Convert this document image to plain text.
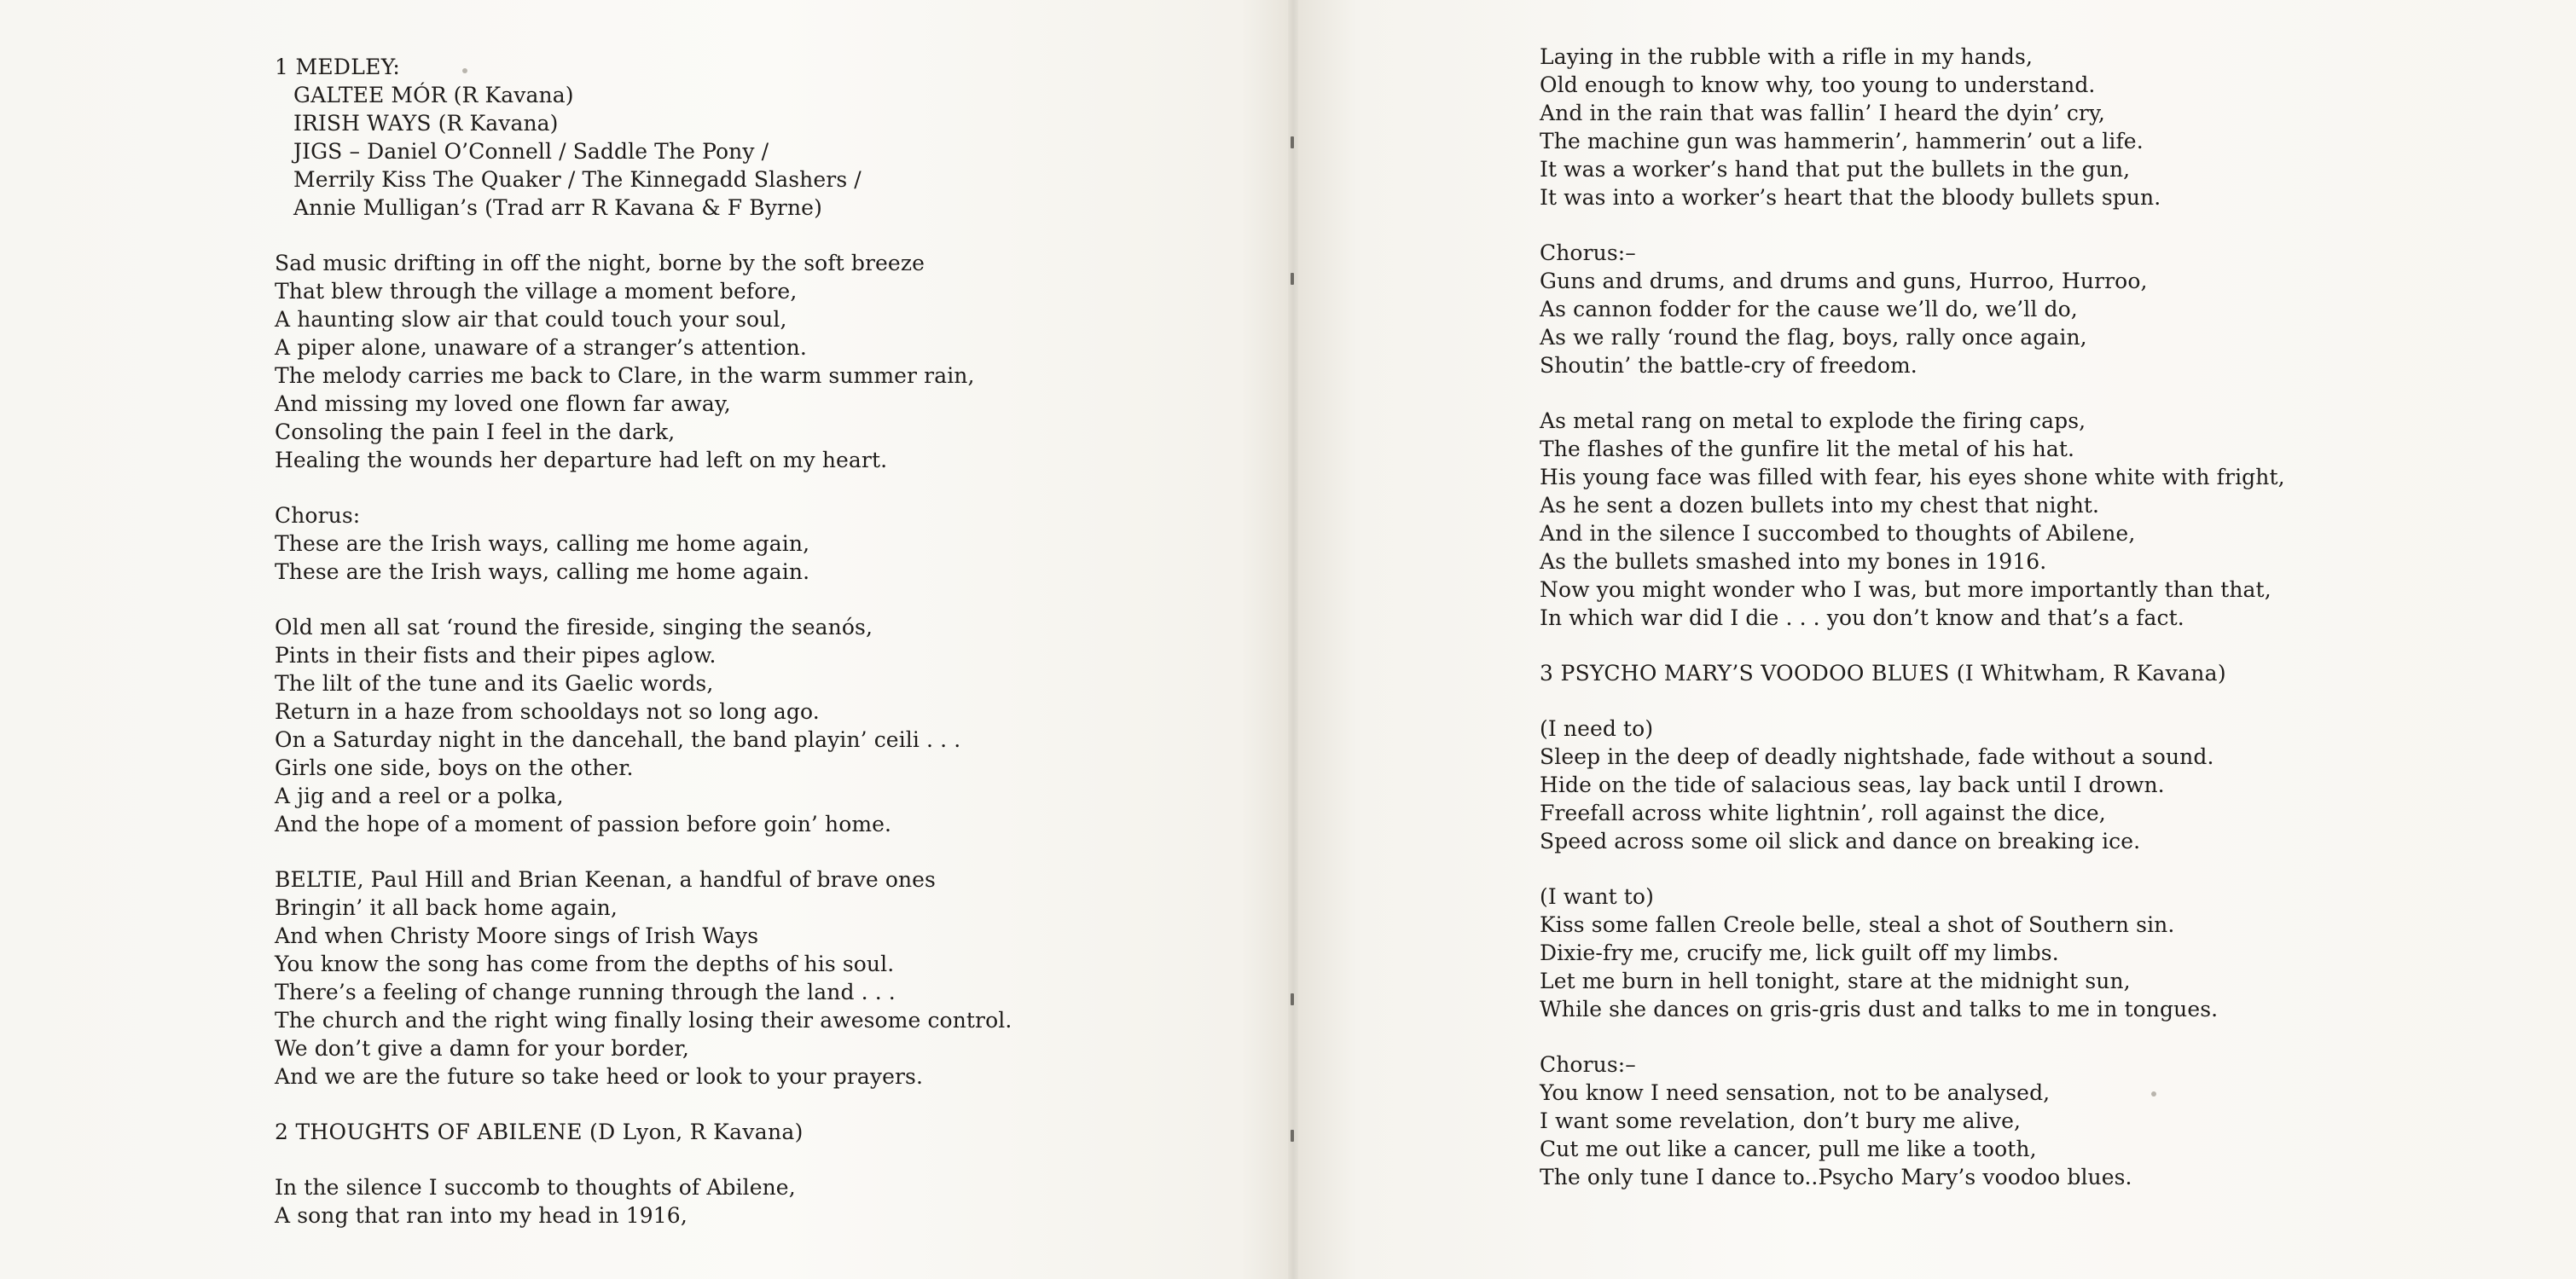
1 MEDLEY:
GALTEE MÓR (R Kavana)
IRISH WAYS (R Kavana)
JIGS – Daniel O’Connell / Saddle The Pony /
Merrily Kiss The Quaker / The Kinnegadd Slashers /
Annie Mulligan’s (Trad arr R Kavana & F Byrne)
Sad music drifting in off the night, borne by the soft breeze
That blew through the village a moment before,
A haunting slow air that could touch your soul,
A piper alone, unaware of a stranger’s attention.
The melody carries me back to Clare, in the warm summer rain,
And missing my loved one flown far away,
Consoling the pain I feel in the dark,
Healing the wounds her departure had left on my heart.
Chorus:
These are the Irish ways, calling me home again,
These are the Irish ways, calling me home again.
Old men all sat ‘round the fireside, singing the seanós,
Pints in their fists and their pipes aglow.
The lilt of the tune and its Gaelic words,
Return in a haze from schooldays not so long ago.
On a Saturday night in the dancehall, the band playin’ ceili . . .
Girls one side, boys on the other.
A jig and a reel or a polka,
And the hope of a moment of passion before goin’ home.
BELTIE, Paul Hill and Brian Keenan, a handful of brave ones
Bringin’ it all back home again,
And when Christy Moore sings of Irish Ways
You know the song has come from the depths of his soul.
There’s a feeling of change running through the land . . .
The church and the right wing finally losing their awesome control.
We don’t give a damn for your border,
And we are the future so take heed or look to your prayers.
2 THOUGHTS OF ABILENE (D Lyon, R Kavana)
In the silence I succomb to thoughts of Abilene,
A song that ran into my head in 1916,
Laying in the rubble with a rifle in my hands,
Old enough to know why, too young to understand.
And in the rain that was fallin’ I heard the dyin’ cry,
The machine gun was hammerin’, hammerin’ out a life.
It was a worker’s hand that put the bullets in the gun,
It was into a worker’s heart that the bloody bullets spun.
Chorus:–
Guns and drums, and drums and guns, Hurroo, Hurroo,
As cannon fodder for the cause we’ll do, we’ll do,
As we rally ‘round the flag, boys, rally once again,
Shoutin’ the battle-cry of freedom.
As metal rang on metal to explode the firing caps,
The flashes of the gunfire lit the metal of his hat.
His young face was filled with fear, his eyes shone white with fright,
As he sent a dozen bullets into my chest that night.
And in the silence I succombed to thoughts of Abilene,
As the bullets smashed into my bones in 1916.
Now you might wonder who I was, but more importantly than that,
In which war did I die . . . you don’t know and that’s a fact.
3 PSYCHO MARY’S VOODOO BLUES (I Whitwham, R Kavana)
(I need to)
Sleep in the deep of deadly nightshade, fade without a sound.
Hide on the tide of salacious seas, lay back until I drown.
Freefall across white lightnin’, roll against the dice,
Speed across some oil slick and dance on breaking ice.
(I want to)
Kiss some fallen Creole belle, steal a shot of Southern sin.
Dixie-fry me, crucify me, lick guilt off my limbs.
Let me burn in hell tonight, stare at the midnight sun,
While she dances on gris-gris dust and talks to me in tongues.
Chorus:–
You know I need sensation, not to be analysed,
I want some revelation, don’t bury me alive,
Cut me out like a cancer, pull me like a tooth,
The only tune I dance to..Psycho Mary’s voodoo blues.
